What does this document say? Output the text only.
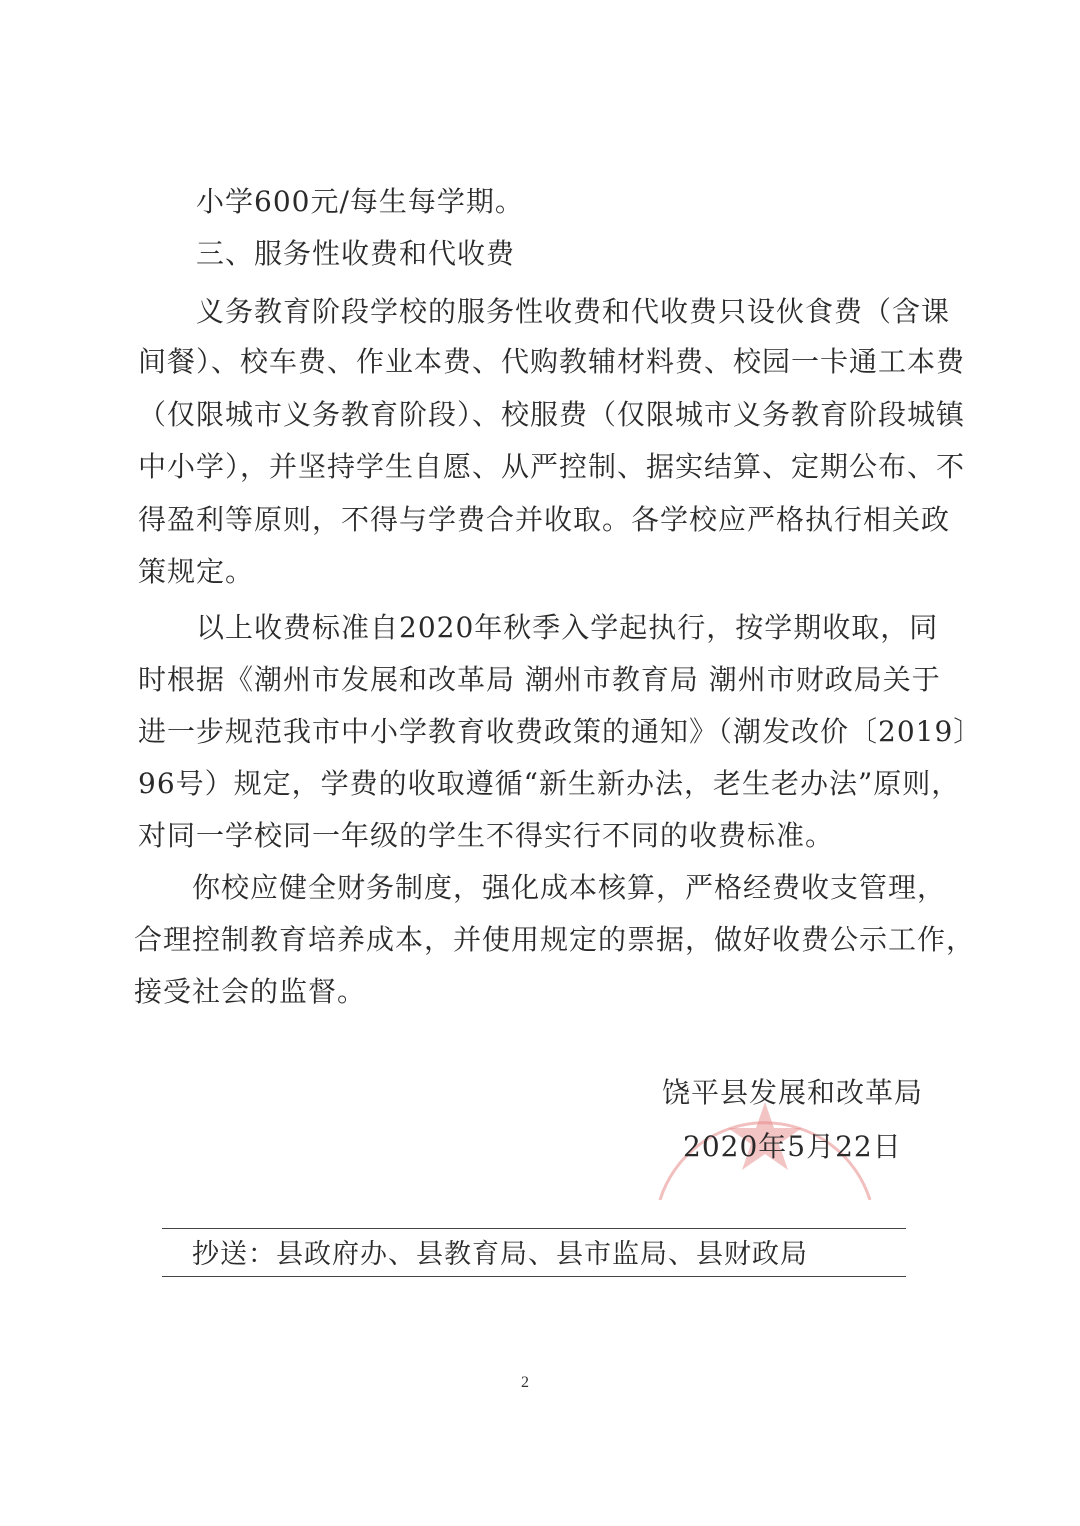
小学600元/每生每学期。
三、服务性收费和代收费
义务教育阶段学校的服务性收费和代收费只设伙食费（含课
间餐）、校车费、作业本费、代购教辅材料费、校园一卡通工本费
（仅限城市义务教育阶段）、校服费（仅限城市义务教育阶段城镇
中小学），并坚持学生自愿、从严控制、据实结算、定期公布、不
得盈利等原则，不得与学费合并收取。各学校应严格执行相关政
策规定。
以上收费标准自2020年秋季入学起执行，按学期收取，同
时根据《潮州市发展和改革局 潮州市教育局 潮州市财政局关于
进一步规范我市中小学教育收费政策的通知》（潮发改价〔2019〕
96号）规定，学费的收取遵循“新生新办法，老生老办法”原则，
对同一学校同一年级的学生不得实行不同的收费标准。
你校应健全财务制度，强化成本核算，严格经费收支管理，
合理控制教育培养成本，并使用规定的票据，做好收费公示工作，
接受社会的监督。
饶平县发展和改革局
2020年5月22日
抄送：县政府办、县教育局、县市监局、县财政局
2
